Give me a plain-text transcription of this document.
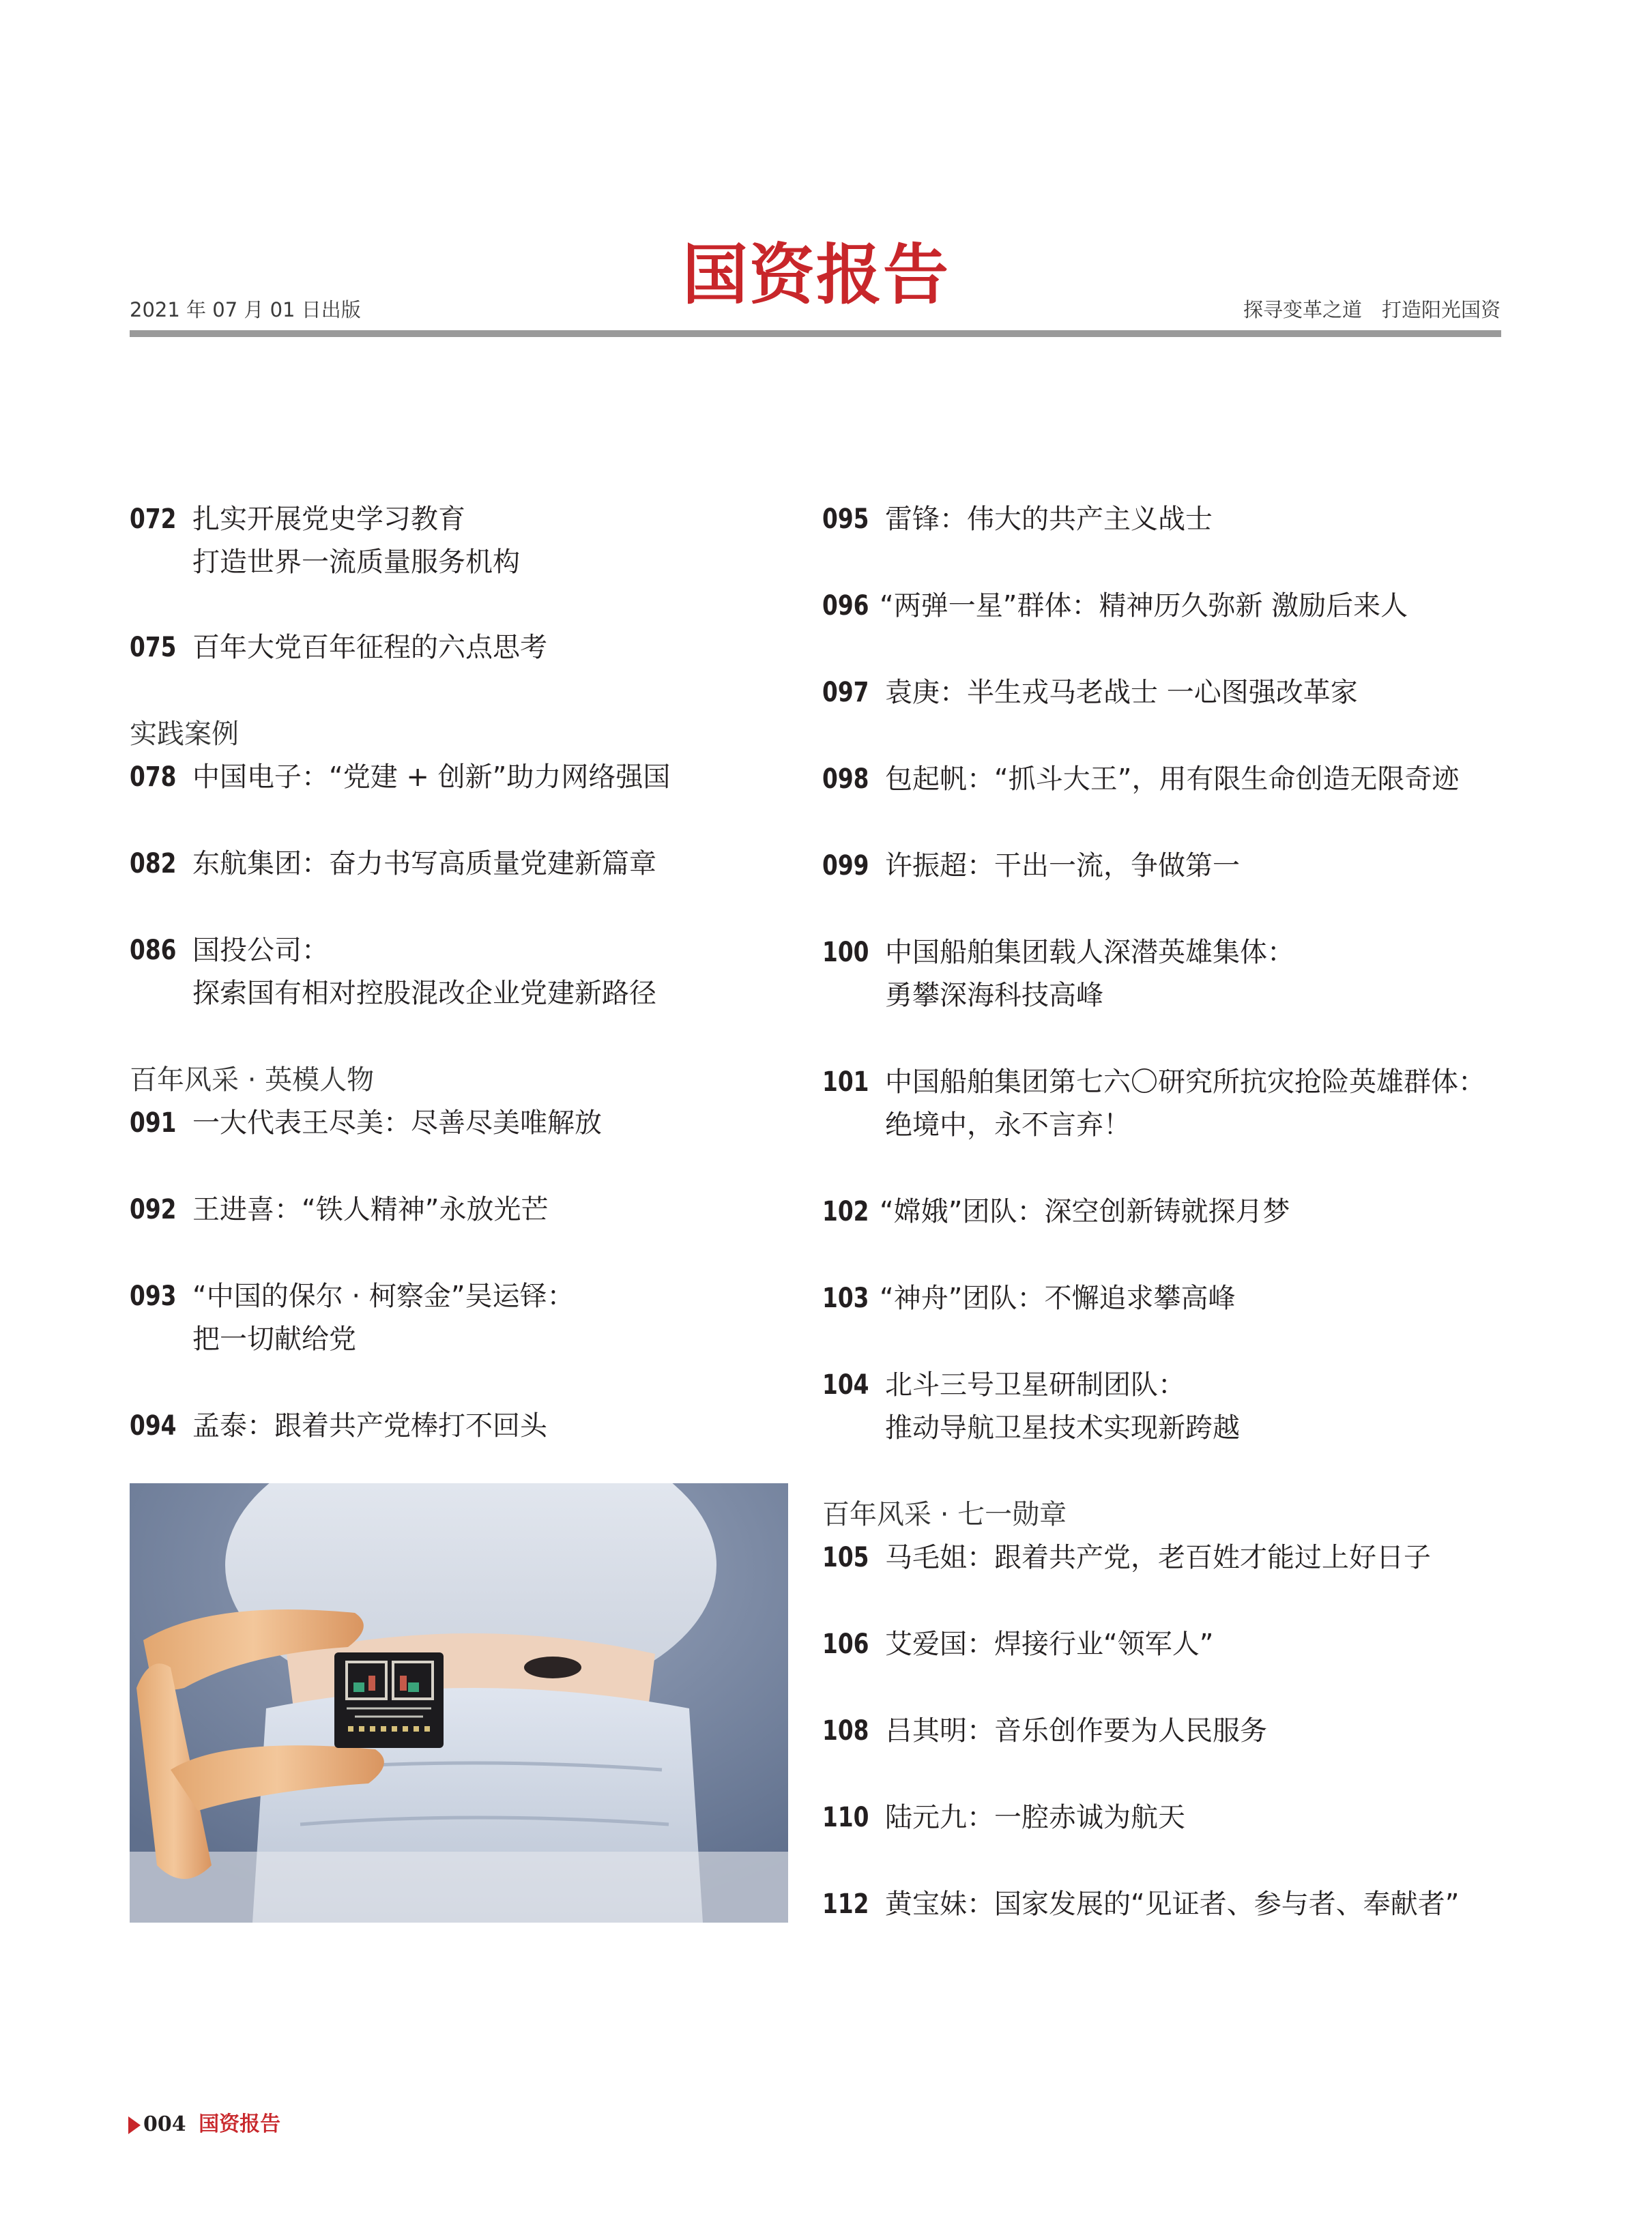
2021 年 07 月 01 日出版	国资报告	探寻变革之道　打造阳光国资
072 扎实开展党史学习教育
打造世界一流质量服务机构
075 百年大党百年征程的六点思考
实践案例
078 中国电子：“党建 + 创新”助力网络强国
082 东航集团：奋力书写高质量党建新篇章
086 国投公司：
探索国有相对控股混改企业党建新路径
百年风采 · 英模人物
091 一大代表王尽美：尽善尽美唯解放
092 王进喜：“铁人精神”永放光芒
093 “中国的保尔 · 柯察金”吴运铎：
把一切献给党
094 孟泰：跟着共产党棒打不回头
095 雷锋：伟大的共产主义战士
096 “两弹一星”群体：精神历久弥新 激励后来人
097 袁庚：半生戎马老战士 一心图强改革家
098 包起帆：“抓斗大王”，用有限生命创造无限奇迹
099 许振超：干出一流，争做第一
100 中国船舶集团载人深潜英雄集体：
勇攀深海科技高峰
101 中国船舶集团第七六〇研究所抗灾抢险英雄群体：
绝境中，永不言弃！
102 “嫦娥”团队：深空创新铸就探月梦
103 “神舟”团队：不懈追求攀高峰
104 北斗三号卫星研制团队：
推动导航卫星技术实现新跨越
百年风采 · 七一勋章
105 马毛姐：跟着共产党，老百姓才能过上好日子
106 艾爱国：焊接行业“领军人”
108 吕其明：音乐创作要为人民服务
110 陆元九：一腔赤诚为航天
112 黄宝妹：国家发展的“见证者、参与者、奉献者”
004 国资报告
